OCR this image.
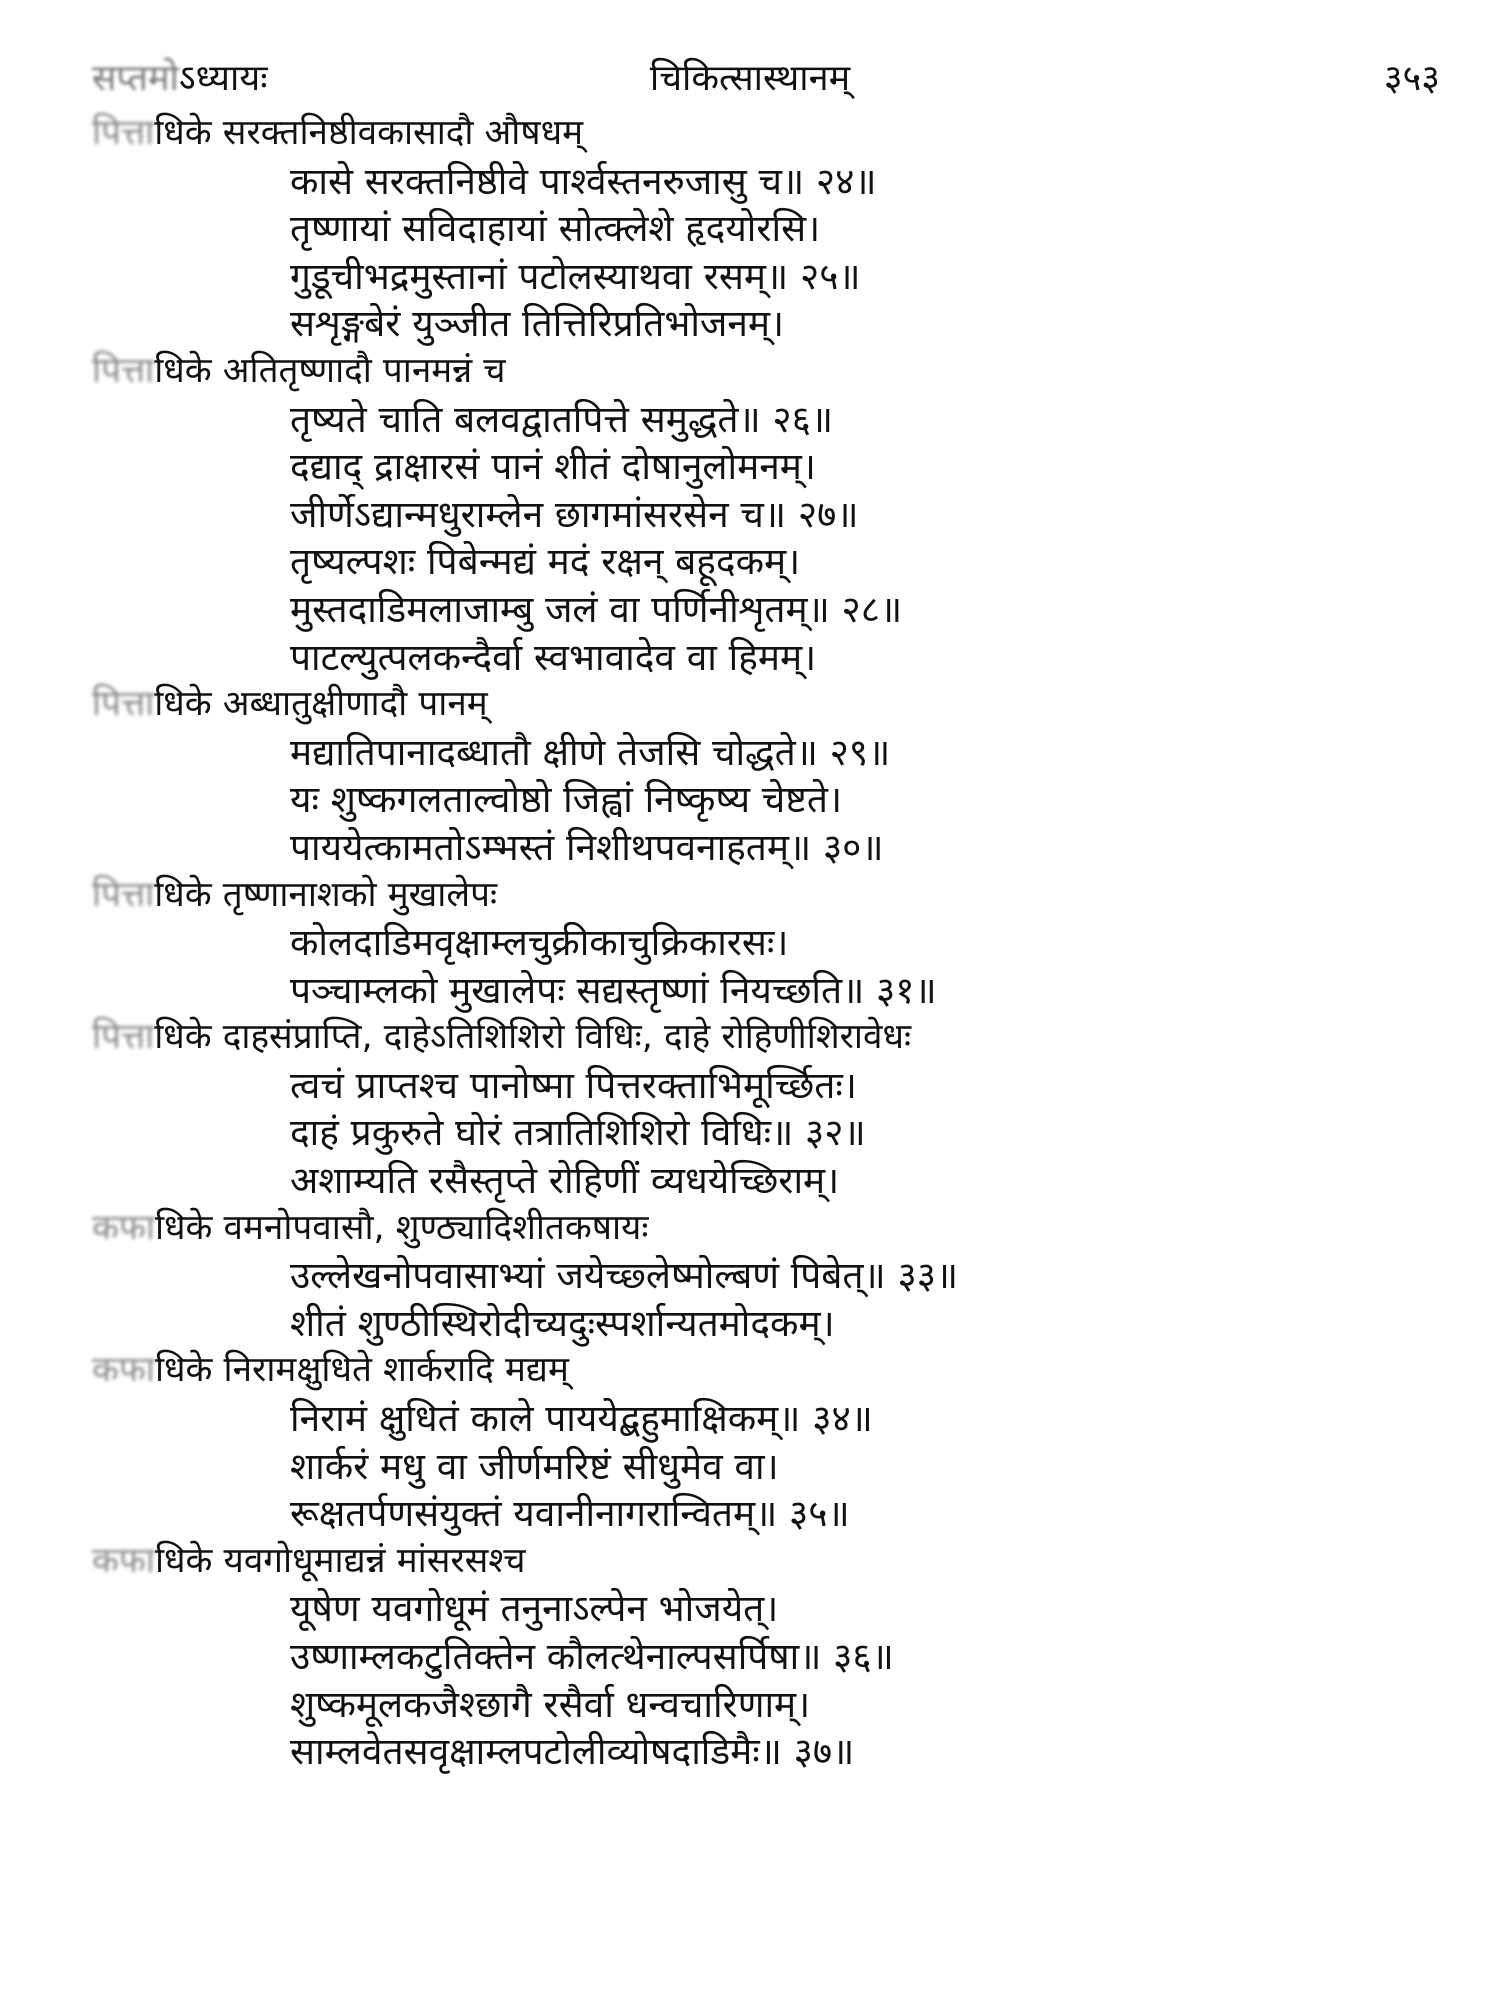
सप्तमोऽध्यायः	चिकित्सास्थानम्	३५३
पित्ताधिके सरक्तनिष्ठीवकासादौ औषधम्
कासे सरक्तनिष्ठीवे पार्श्वस्तनरुजासु च॥ २४॥
तृष्णायां सविदाहायां सोत्क्लेशे हृदयोरसि।
गुडूचीभद्रमुस्तानां पटोलस्याथवा रसम्॥ २५॥
सशृङ्गबेरं युञ्जीत तित्तिरिप्रतिभोजनम्।
पित्ताधिके अतितृष्णादौ पानमन्नं च
तृष्यते चाति बलवद्वातपित्ते समुद्धते॥ २६॥
दद्याद् द्राक्षारसं पानं शीतं दोषानुलोमनम्।
जीर्णेऽद्यान्मधुराम्लेन छागमांसरसेन च॥ २७॥
तृष्यल्पशः पिबेन्मद्यं मदं रक्षन् बहूदकम्।
मुस्तदाडिमलाजाम्बु जलं वा पर्णिनीशृतम्॥ २८॥
पाटल्युत्पलकन्दैर्वा स्वभावादेव वा हिमम्।
पित्ताधिके अब्धातुक्षीणादौ पानम्
मद्यातिपानादब्धातौ क्षीणे तेजसि चोद्धते॥ २९॥
यः शुष्कगलताल्वोष्ठो जिह्वां निष्कृष्य चेष्टते।
पाययेत्कामतोऽम्भस्तं निशीथपवनाहतम्॥ ३०॥
पित्ताधिके तृष्णानाशको मुखालेपः
कोलदाडिमवृक्षाम्लचुक्रीकाचुक्रिकारसः।
पञ्चाम्लको मुखालेपः सद्यस्तृष्णां नियच्छति॥ ३१॥
पित्ताधिके दाहसंप्राप्ति, दाहेऽतिशिशिरो विधिः, दाहे रोहिणीशिरावेधः
त्वचं प्राप्तश्च पानोष्मा पित्तरक्ताभिमूर्च्छितः।
दाहं प्रकुरुते घोरं तत्रातिशिशिरो विधिः॥ ३२॥
अशाम्यति रसैस्तृप्ते रोहिणीं व्यधयेच्छिराम्।
कफाधिके वमनोपवासौ, शुण्ठ्यादिशीतकषायः
उल्लेखनोपवासाभ्यां जयेच्छ्लेष्मोल्बणं पिबेत्॥ ३३॥
शीतं शुण्ठीस्थिरोदीच्यदुःस्पर्शान्यतमोदकम्।
कफाधिके निरामक्षुधिते शार्करादि मद्यम्
निरामं क्षुधितं काले पाययेद्बहुमाक्षिकम्॥ ३४॥
शार्करं मधु वा जीर्णमरिष्टं सीधुमेव वा।
रूक्षतर्पणसंयुक्तं यवानीनागरान्वितम्॥ ३५॥
कफाधिके यवगोधूमाद्यन्नं मांसरसश्च
यूषेण यवगोधूमं तनुनाऽल्पेन भोजयेत्।
उष्णाम्लकटुतिक्तेन कौलत्थेनाल्पसर्पिषा॥ ३६॥
शुष्कमूलकजैश्छागै रसैर्वा धन्वचारिणाम्।
साम्लवेतसवृक्षाम्लपटोलीव्योषदाडिमैः॥ ३७॥
